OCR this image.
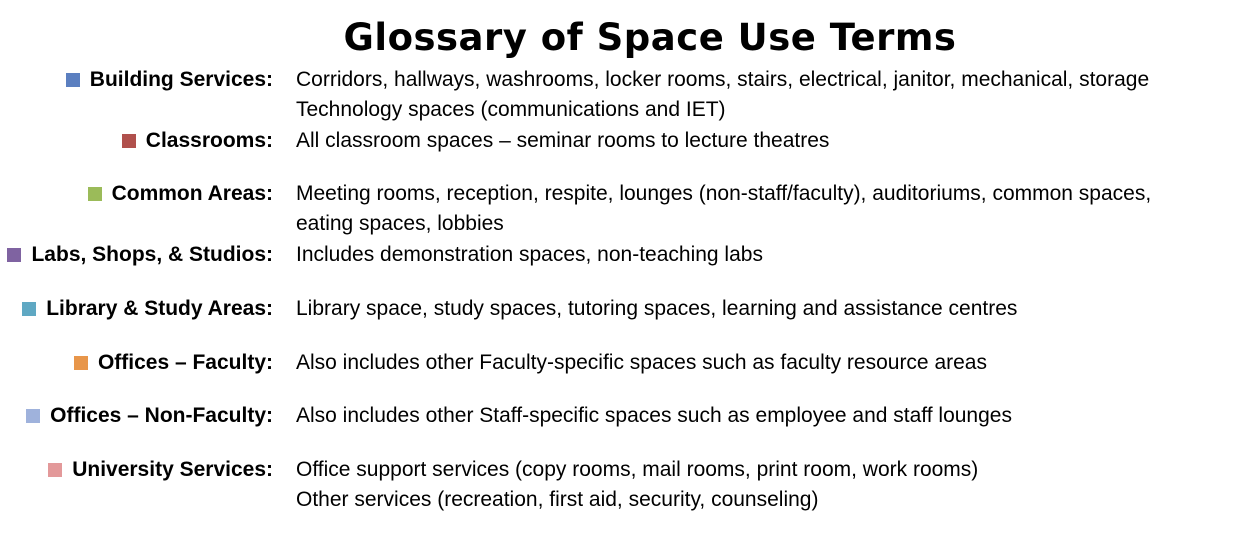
Glossary of Space Use Terms
Building Services: Corridors, hallways, washrooms, locker rooms, stairs, electrical, janitor, mechanical, storage
Technology spaces (communications and IET)
Classrooms: All classroom spaces – seminar rooms to lecture theatres
Common Areas: Meeting rooms, reception, respite, lounges (non-staff/faculty), auditoriums, common spaces,
eating spaces, lobbies
Labs, Shops, & Studios: Includes demonstration spaces, non-teaching labs
Library & Study Areas: Library space, study spaces, tutoring spaces, learning and assistance centres
Offices – Faculty: Also includes other Faculty-specific spaces such as faculty resource areas
Offices – Non-Faculty: Also includes other Staff-specific spaces such as employee and staff lounges
University Services: Office support services (copy rooms, mail rooms, print room, work rooms)
Other services (recreation, first aid, security, counseling)
